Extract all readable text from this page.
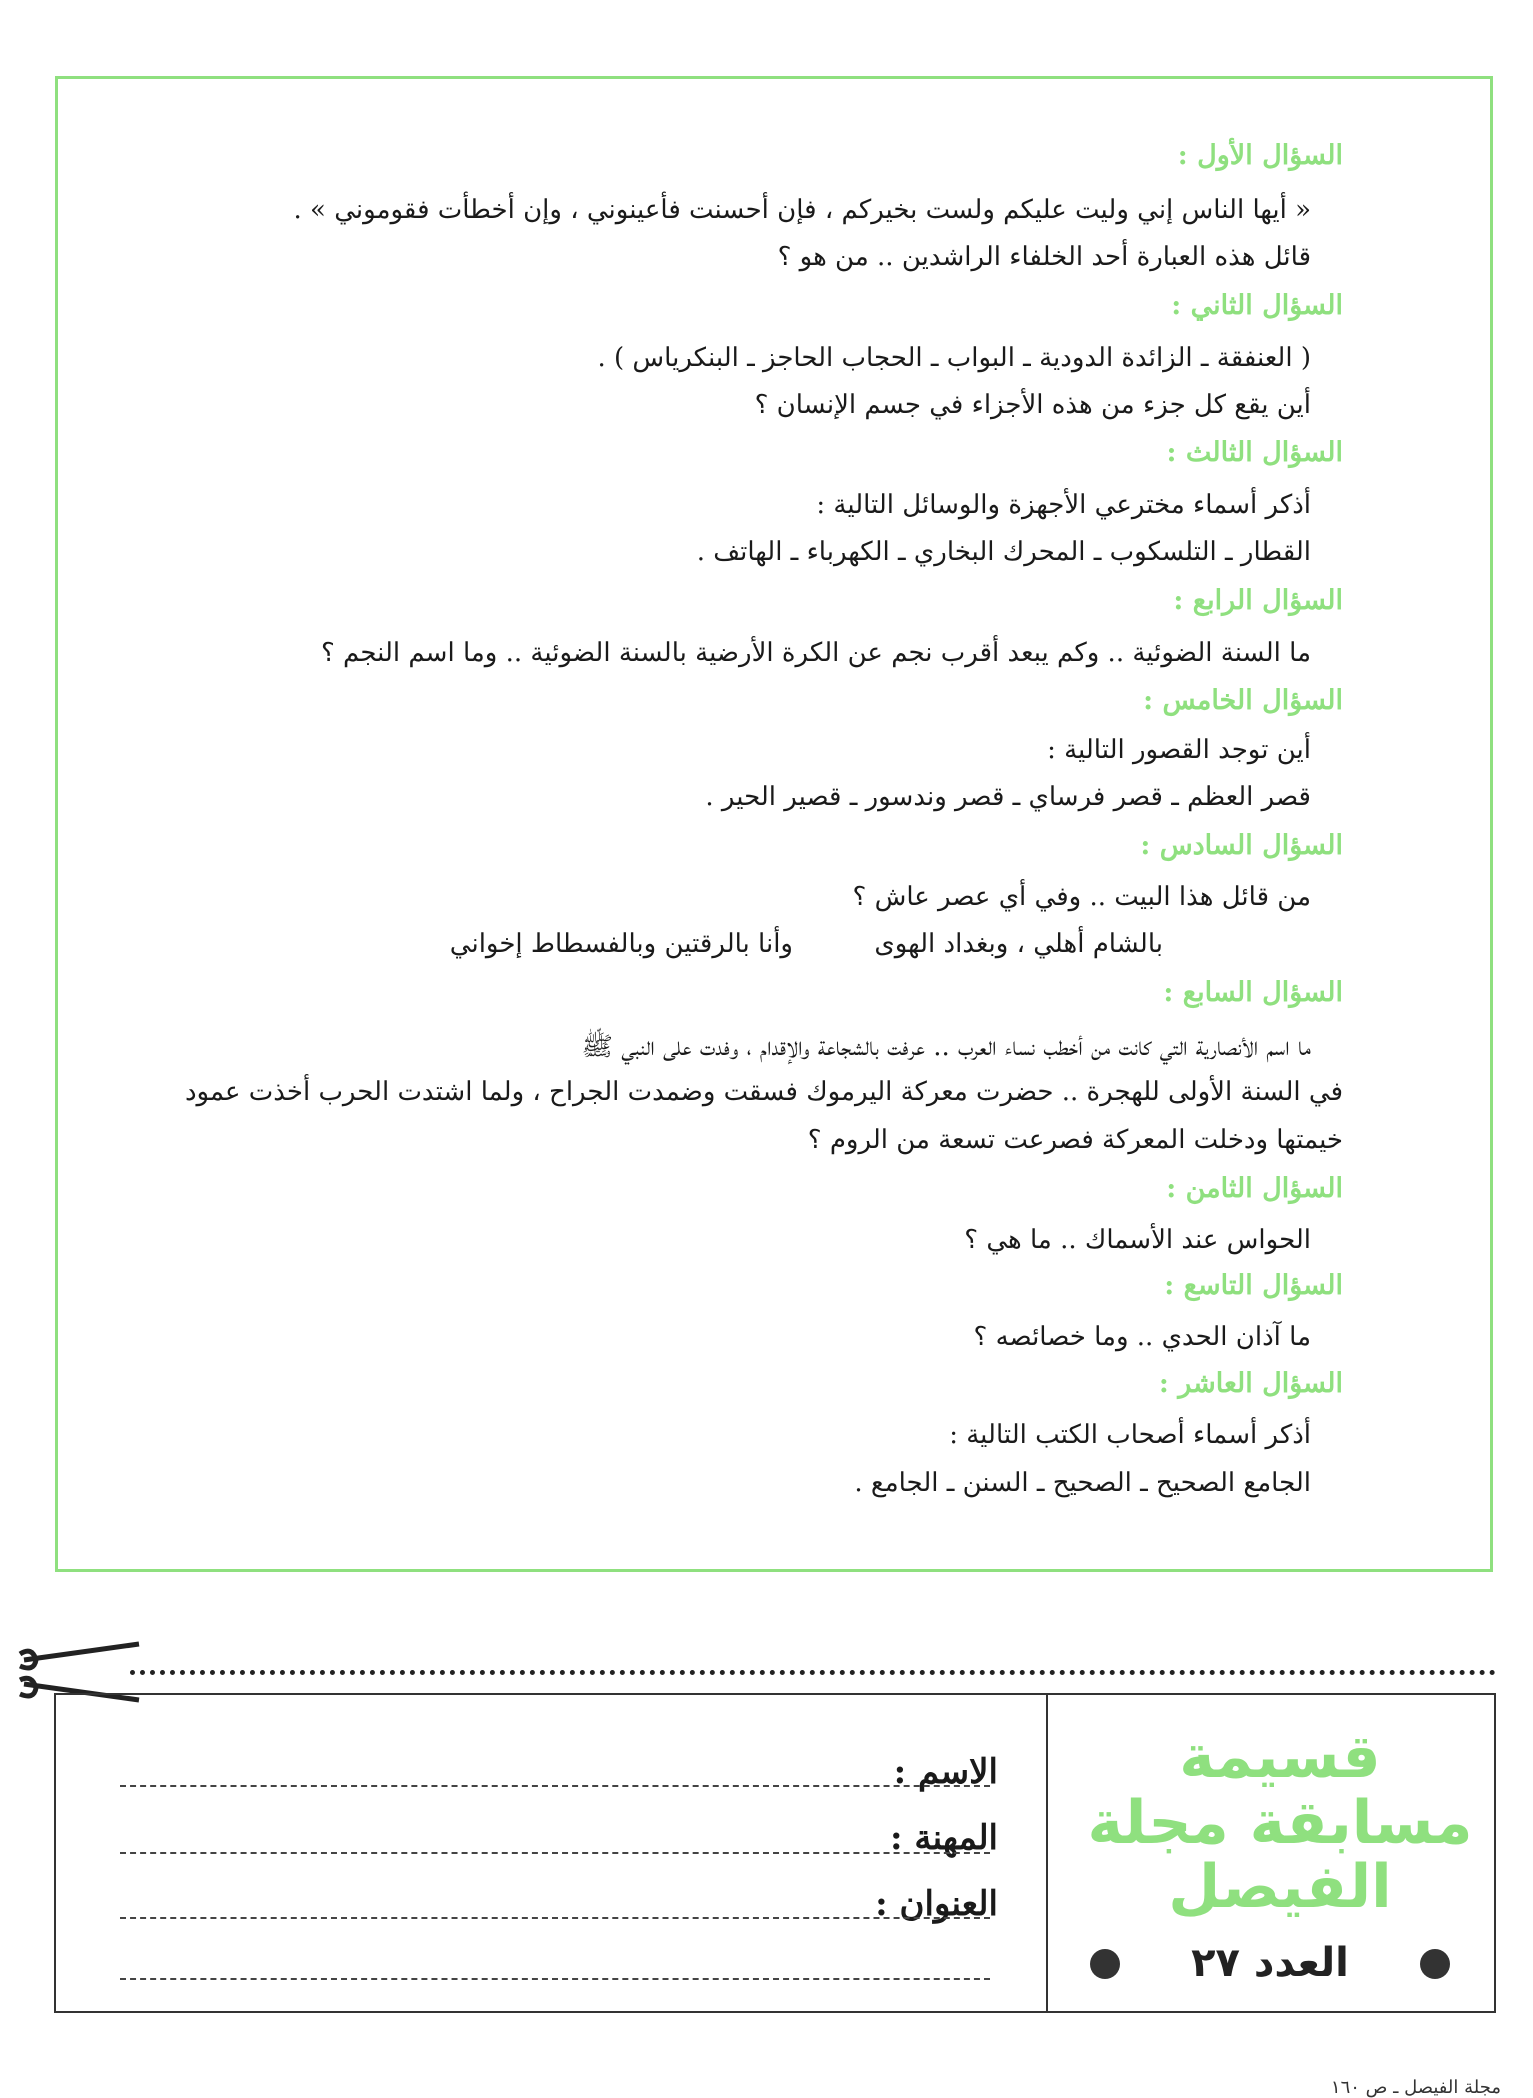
السؤال الأول :
« أيها الناس إني وليت عليكم ولست بخيركم ، فإن أحسنت فأعينوني ، وإن أخطأت فقوموني » .
قائل هذه العبارة أحد الخلفاء الراشدين .. من هو ؟
السؤال الثاني :
( العنفقة ـ الزائدة الدودية ـ البواب ـ الحجاب الحاجز ـ البنكرياس ) .
أين يقع كل جزء من هذه الأجزاء في جسم الإنسان ؟
السؤال الثالث :
أذكر أسماء مخترعي الأجهزة والوسائل التالية :
القطار ـ التلسكوب ـ المحرك البخاري ـ الكهرباء ـ الهاتف .
السؤال الرابع :
ما السنة الضوئية .. وكم يبعد أقرب نجم عن الكرة الأرضية بالسنة الضوئية .. وما اسم النجم ؟
السؤال الخامس :
أين توجد القصور التالية :
قصر العظم ـ قصر فرساي ـ قصر وندسور ـ قصير الحير .
السؤال السادس :
من قائل هذا البيت .. وفي أي عصر عاش ؟
بالشام أهلي ، وبغداد الهوى
وأنا بالرقتين وبالفسطاط إخواني
السؤال السابع :
ما اسم الأنصارية التي كانت من أخطب نساء العرب .. عرفت بالشجاعة والإقدام ، وفدت على النبي ﷺ
في السنة الأولى للهجرة .. حضرت معركة اليرموك فسقت وضمدت الجراح ، ولما اشتدت الحرب أخذت عمود
خيمتها ودخلت المعركة فصرعت تسعة من الروم ؟
السؤال الثامن :
الحواس عند الأسماك .. ما هي ؟
السؤال التاسع :
ما آذان الحدي .. وما خصائصه ؟
السؤال العاشر :
أذكر أسماء أصحاب الكتب التالية :
الجامع الصحيح ـ الصحيح ـ السنن ـ الجامع .
قسيمة
مسابقة مجلة
الفيصل
العدد ٢٧
الاسم :
المهنة :
العنوان :
مجلة الفيصل ـ ص ١٦٠
